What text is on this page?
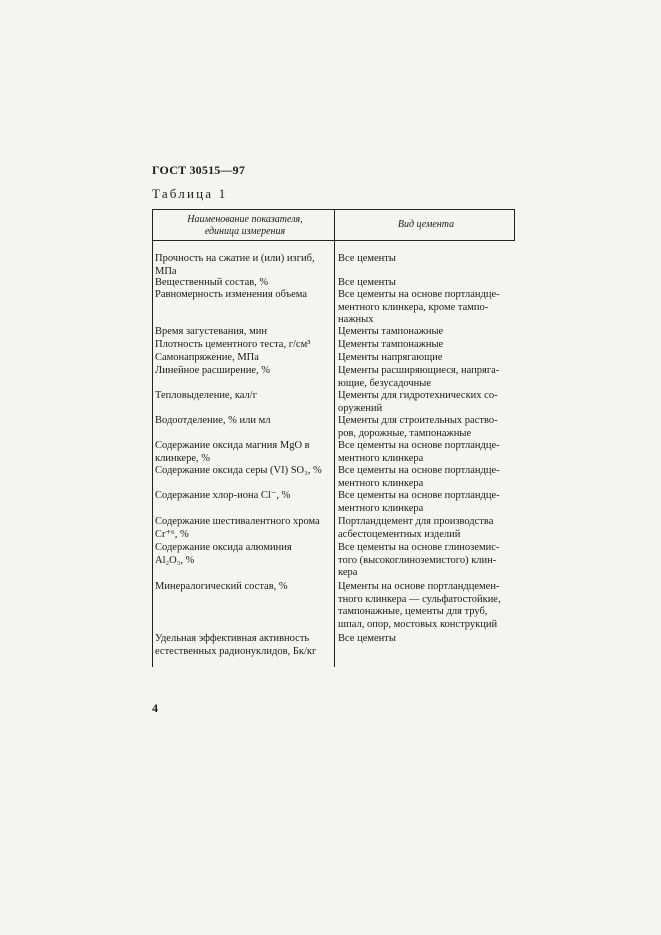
ГОСТ 30515—97
Таблица 1
Наименование показателя,
единица измерения
Вид цемента
Прочность на сжатие и (или) изгиб,
МПа
Вещественный состав, %
Равномерность изменения объема
Время загустевания, мин
Плотность цементного теста, г/см³
Самонапряжение, МПа
Линейное расширение, %
Тепловыделение, кал/г
Водоотделение, % или мл
Содержание оксида магния MgO в
клинкере, %
Содержание оксида серы (VI) SO₃, %
Содержание хлор-иона Cl⁻, %
Содержание шестивалентного хрома
Cr⁺⁶, %
Содержание оксида алюминия
Al₂O₃, %
Минералогический состав, %
Удельная эффективная активность
естественных радионуклидов, Бк/кг
Все цементы
Все цементы
Все цементы на основе портландце-
ментного клинкера, кроме тампо-
нажных
Цементы тампонажные
Цементы тампонажные
Цементы напрягающие
Цементы расширяющиеся, напряга-
ющие, безусадочные
Цементы для гидротехнических со-
оружений
Цементы для строительных раство-
ров, дорожные, тампонажные
Все цементы на основе портландце-
ментного клинкера
Все цементы на основе портландце-
ментного клинкера
Все цементы на основе портландце-
ментного клинкера
Портландцемент для производства
асбестоцементных изделий
Все цементы на основе глиноземис-
того (высокоглиноземистого) клин-
кера
Цементы на основе портландцемен-
тного клинкера — сульфатостойкие,
тампонажные, цементы для труб,
шпал, опор, мостовых конструкций
Все цементы
4
